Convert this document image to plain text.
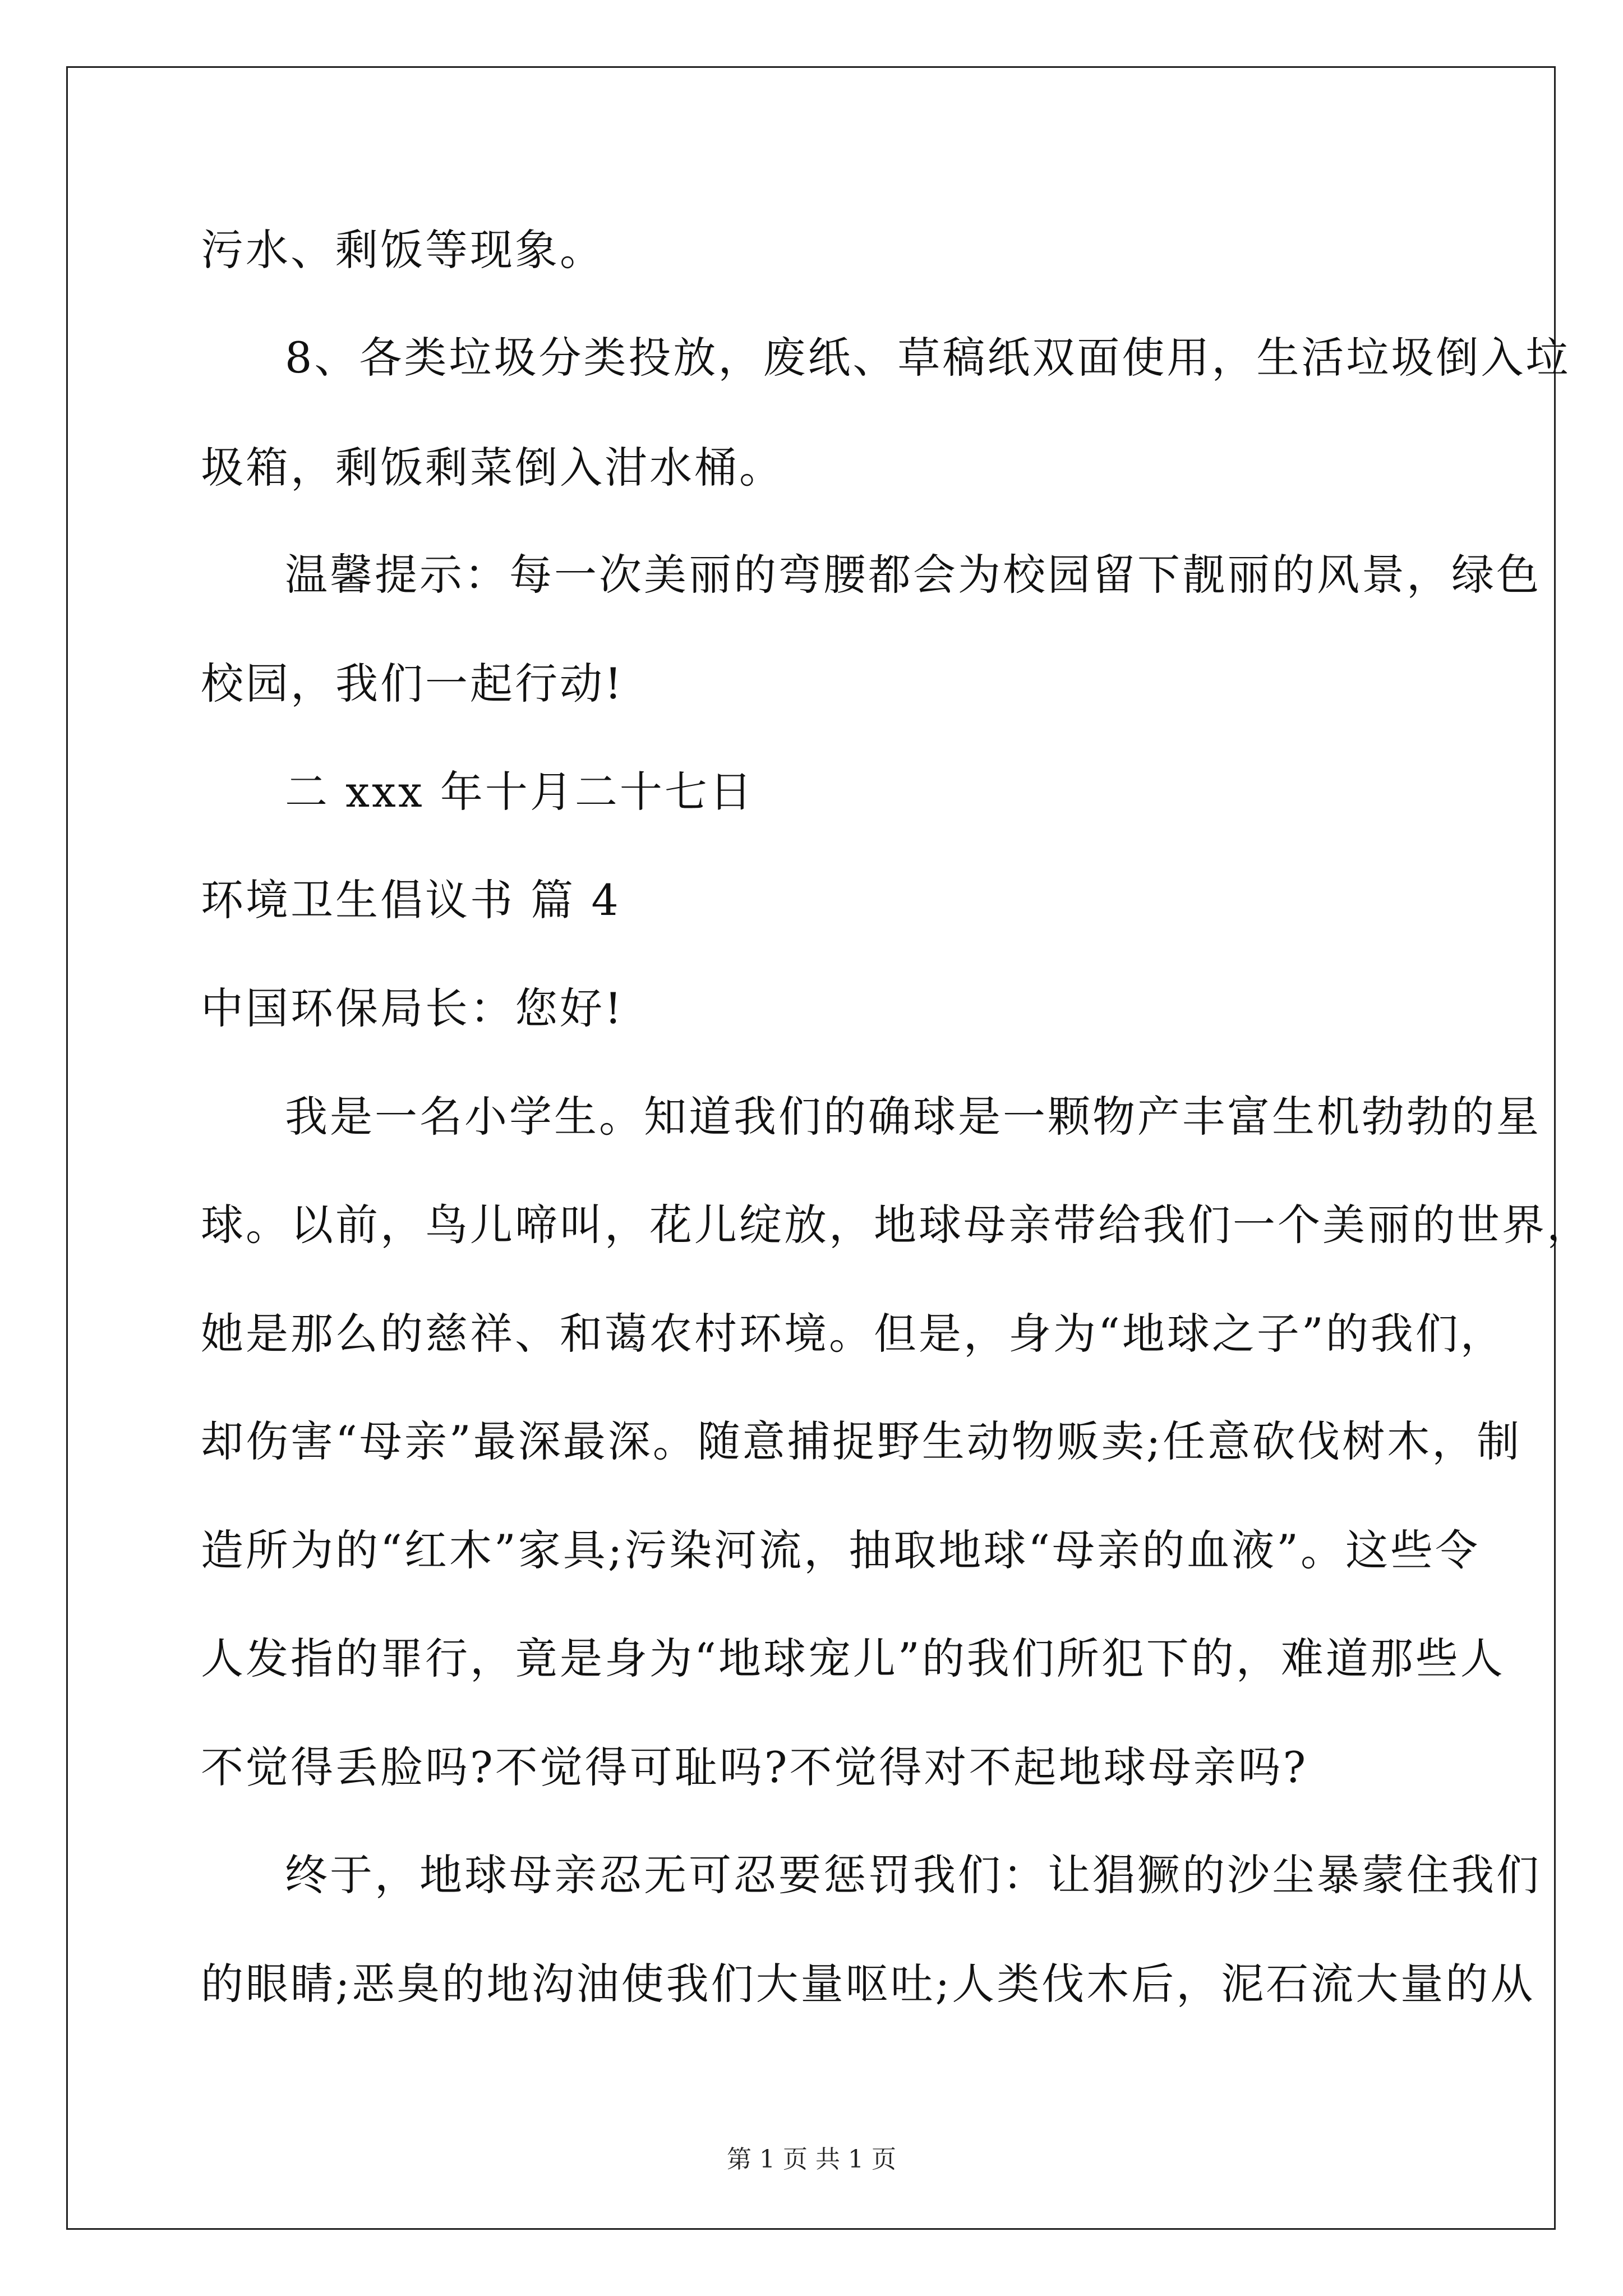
污水、剩饭等现象。
8、各类垃圾分类投放，废纸、草稿纸双面使用，生活垃圾倒入垃
圾箱，剩饭剩菜倒入泔水桶。
温馨提示：每一次美丽的弯腰都会为校园留下靓丽的风景，绿色
校园，我们一起行动!
二 xxx 年十月二十七日
环境卫生倡议书 篇 4
中国环保局长：您好!
我是一名小学生。知道我们的确球是一颗物产丰富生机勃勃的星
球。以前，鸟儿啼叫，花儿绽放，地球母亲带给我们一个美丽的世界，
她是那么的慈祥、和蔼农村环境。但是，身为“地球之子”的我们，
却伤害“母亲”最深最深。随意捕捉野生动物贩卖;任意砍伐树木，制
造所为的“红木”家具;污染河流，抽取地球“母亲的血液”。这些令
人发指的罪行，竟是身为“地球宠儿”的我们所犯下的，难道那些人
不觉得丢脸吗?不觉得可耻吗?不觉得对不起地球母亲吗?
终于，地球母亲忍无可忍要惩罚我们：让猖獗的沙尘暴蒙住我们
的眼睛;恶臭的地沟油使我们大量呕吐;人类伐木后，泥石流大量的从
第 1 页 共 1 页
